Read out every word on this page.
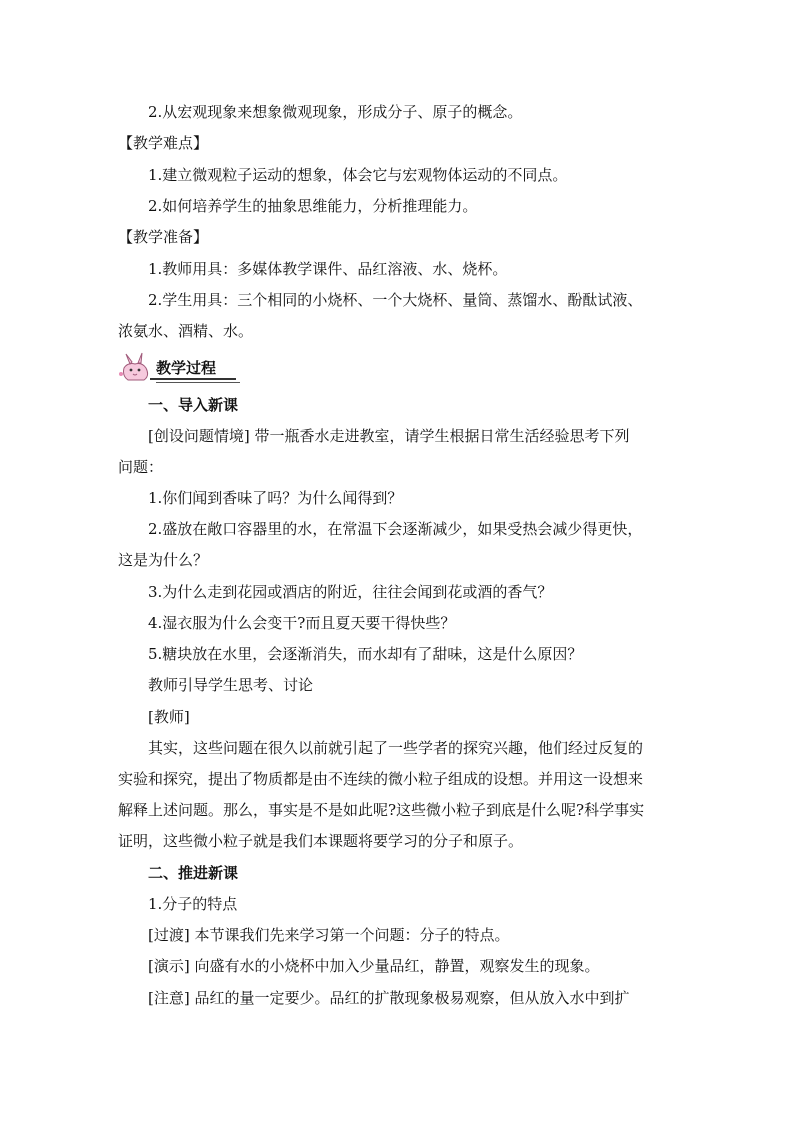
2.从宏观现象来想象微观现象，形成分子、原子的概念。
【教学难点】
1.建立微观粒子运动的想象，体会它与宏观物体运动的不同点。
2.如何培养学生的抽象思维能力，分析推理能力。
【教学准备】
1.教师用具：多媒体教学课件、品红溶液、水、烧杯。
2.学生用具：三个相同的小烧杯、一个大烧杯、量筒、蒸馏水、酚酞试液、
浓氨水、酒精、水。
教学过程
一、导入新课
[创设问题情境] 带一瓶香水走进教室，请学生根据日常生活经验思考下列
问题：
1.你们闻到香味了吗？为什么闻得到？
2.盛放在敞口容器里的水，在常温下会逐渐减少，如果受热会减少得更快，
这是为什么？
3.为什么走到花园或酒店的附近，往往会闻到花或酒的香气？
4.湿衣服为什么会变干?而且夏天要干得快些？
5.糖块放在水里，会逐渐消失，而水却有了甜味，这是什么原因？
教师引导学生思考、讨论
[教师]
其实，这些问题在很久以前就引起了一些学者的探究兴趣，他们经过反复的
实验和探究，提出了物质都是由不连续的微小粒子组成的设想。并用这一设想来
解释上述问题。那么，事实是不是如此呢?这些微小粒子到底是什么呢?科学事实
证明，这些微小粒子就是我们本课题将要学习的分子和原子。
二、推进新课
1.分子的特点
[过渡] 本节课我们先来学习第一个问题：分子的特点。
[演示] 向盛有水的小烧杯中加入少量品红，静置，观察发生的现象。
[注意] 品红的量一定要少。品红的扩散现象极易观察，但从放入水中到扩
